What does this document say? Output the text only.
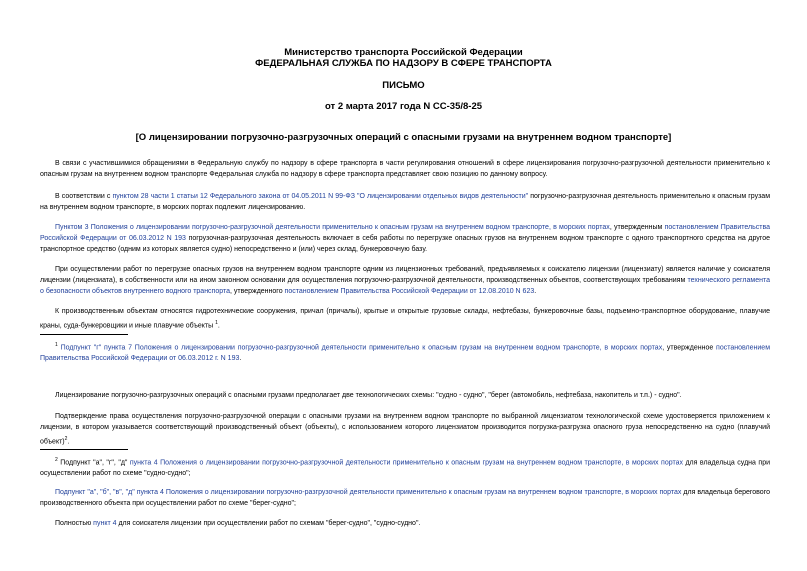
Министерство транспорта Российской Федерации
ФЕДЕРАЛЬНАЯ СЛУЖБА ПО НАДЗОРУ В СФЕРЕ ТРАНСПОРТА
ПИСЬМО
от 2 марта 2017 года N СС-35/8-25
[О лицензировании погрузочно-разгрузочных операций с опасными грузами на внутреннем водном транспорте]
В связи с участившимися обращениями в Федеральную службу по надзору в сфере транспорта в части регулирования отношений в сфере лицензирования погрузочно-разгрузочной деятельности применительно к опасным грузам на внутреннем водном транспорте Федеральная служба по надзору в сфере транспорта представляет свою позицию по данному вопросу.
В соответствии с пунктом 28 части 1 статьи 12 Федерального закона от 04.05.2011 N 99-ФЗ "О лицензировании отдельных видов деятельности" погрузочно-разгрузочная деятельность применительно к опасным грузам на внутреннем водном транспорте, в морских портах подлежит лицензированию.
Пунктом 3 Положения о лицензировании погрузочно-разгрузочной деятельности применительно к опасным грузам на внутреннем водном транспорте, в морских портах, утвержденным постановлением Правительства Российской Федерации от 06.03.2012 N 193 погрузочная-разгрузочная деятельность включает в себя работы по перегрузке опасных грузов на внутреннем водном транспорте с одного транспортного средства на другое транспортное средство (одним из которых является судно) непосредственно и (или) через склад, бункеровочную базу.
При осуществлении работ по перегрузке опасных грузов на внутреннем водном транспорте одним из лицензионных требований, предъявляемых к соискателю лицензии (лицензиату) является наличие у соискателя лицензии (лицензиата), в собственности или на ином законном основании для осуществления погрузочно-разгрузочной деятельности, производственных объектов, соответствующих требованиям технического регламента о безопасности объектов внутреннего водного транспорта, утвержденного постановлением Правительства Российской Федерации от 12.08.2010 N 623.
К производственным объектам относятся гидротехнические сооружения, причал (причалы), крытые и открытые грузовые склады, нефтебазы, бункеровочные базы, подъемно-транспортное оборудование, плавучие краны, суда-бункеровщики и иные плавучие объекты $^1$.
$^1$ Подпункт "г" пункта 7 Положения о лицензировании погрузочно-разгрузочной деятельности применительно к опасным грузам на внутреннем водном транспорте, в морских портах, утвержденное постановлением Правительства Российской Федерации от 06.03.2012 г. N 193.
Лицензирование погрузочно-разгрузочных операций с опасными грузами предполагает две технологических схемы: "судно - судно", "берег (автомобиль, нефтебаза, накопитель и т.п.) - судно".
Подтверждение права осуществления погрузочно-разгрузочной операции с опасными грузами на внутреннем водном транспорте по выбранной лицензиатом технологической схеме удостоверяется приложением к лицензии, в котором указывается соответствующий производственный объект (объекты), с использованием которого лицензиатом производится погрузка-разгрузка опасного груза непосредственно на судно (плавучий объект)$^2$.
$^2$ Подпункт "а", "г", "д" пункта 4 Положения о лицензировании погрузочно-разгрузочной деятельности применительно к опасным грузам на внутреннем водном транспорте, в морских портах для владельца судна при осуществлении работ по схеме "судно-судно";
Подпункт "а", "б", "в", "д" пункта 4 Положения о лицензировании погрузочно-разгрузочной деятельности применительно к опасным грузам на внутреннем водном транспорте, в морских портах для владельца берегового производственного объекта при осуществлении работ по схеме "берег-судно";
Полностью пункт 4 для соискателя лицензии при осуществлении работ по схемам "берег-судно", "судно-судно".
